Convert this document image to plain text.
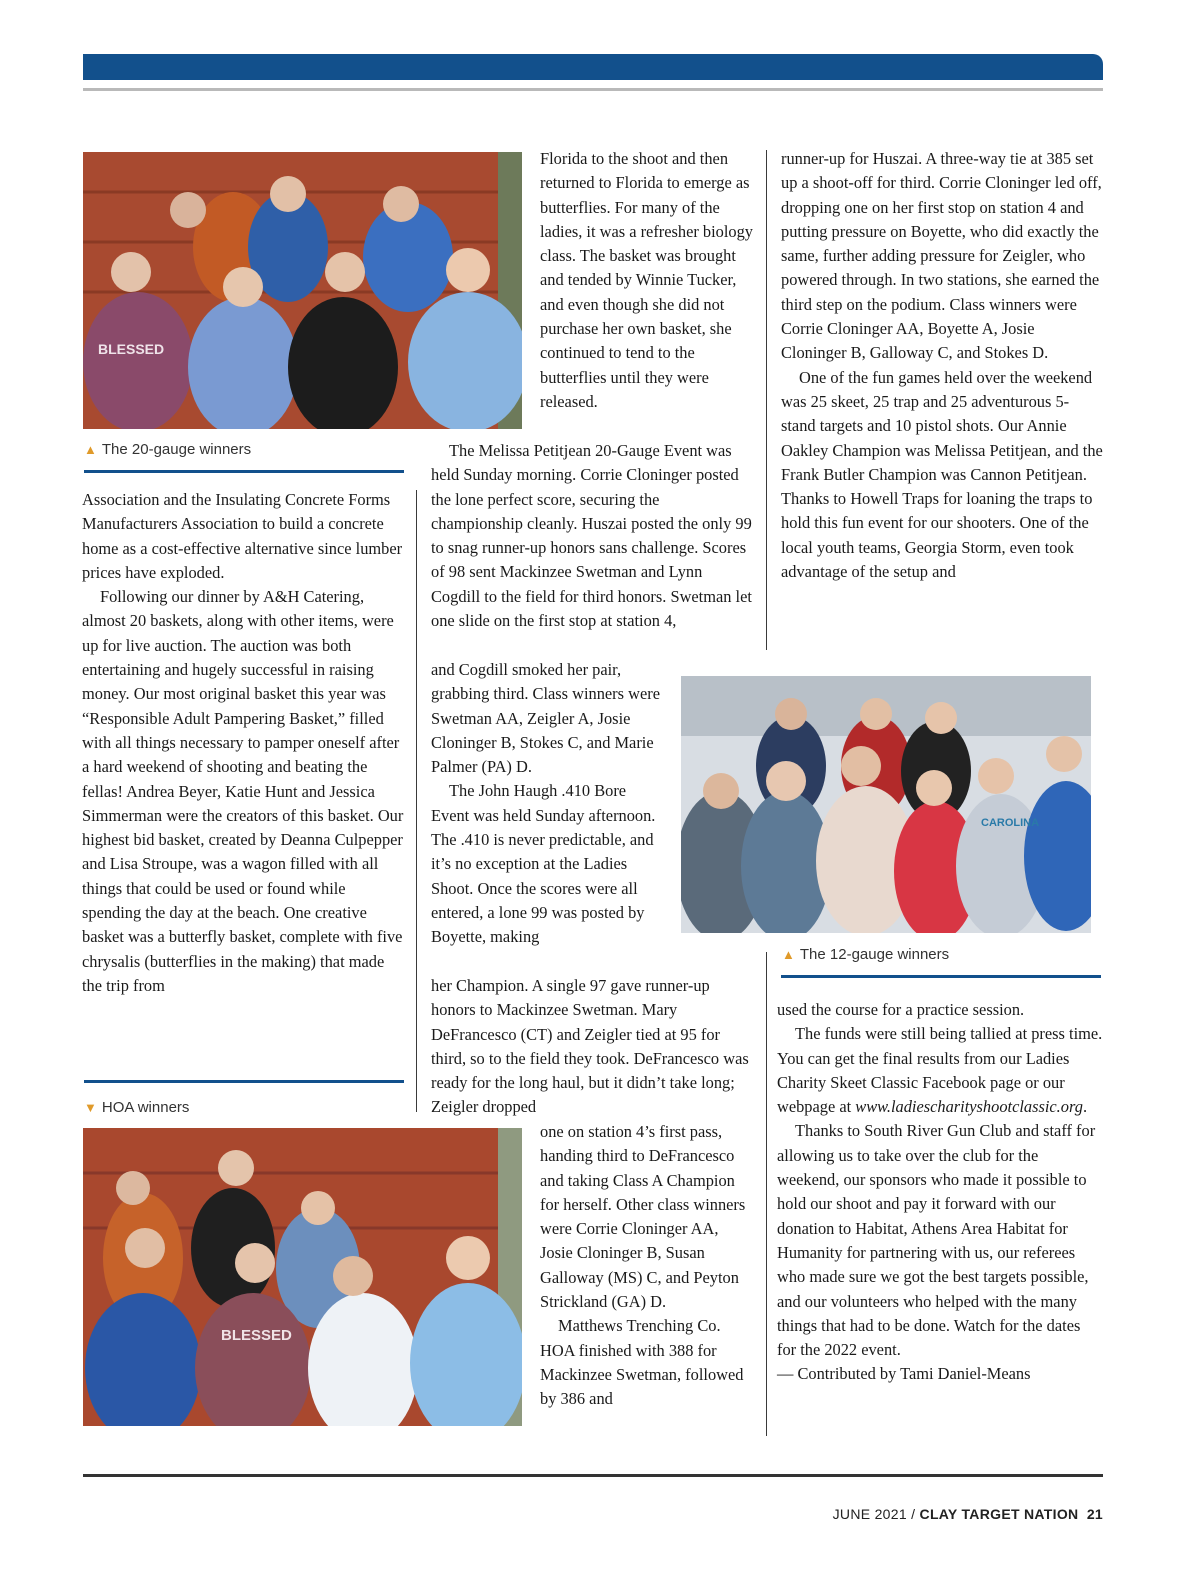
BLESSED
▲ The 20-gauge winners

Association and the Insulating Concrete Forms Manufacturers Association to build a concrete home as a cost-effective alternative since lumber prices have exploded.

Following our dinner by A&H Catering, almost 20 baskets, along with other items, were up for live auction. The auction was both entertaining and hugely successful in raising money. Our most original basket this year was “Responsible Adult Pampering Basket,” filled with all things necessary to pamper oneself after a hard weekend of shooting and beating the fellas! Andrea Beyer, Katie Hunt and Jessica Simmerman were the creators of this basket. Our highest bid basket, created by Deanna Culpepper and Lisa Stroupe, was a wagon filled with all things that could be used or found while spending the day at the beach. One creative basket was a butterfly basket, complete with five chrysalis (butterflies in the making) that made the trip from

▼ HOA winners
BLESSED

Florida to the shoot and then returned to Florida to emerge as butterflies. For many of the ladies, it was a refresher biology class. The basket was brought and tended by Winnie Tucker, and even though she did not purchase her own basket, she continued to tend to the butterflies until they were released.

The Melissa Petitjean 20-Gauge Event was held Sunday morning. Corrie Cloninger posted the lone perfect score, securing the championship cleanly. Huszai posted the only 99 to snag runner-up honors sans challenge. Scores of 98 sent Mackinzee Swetman and Lynn Cogdill to the field for third honors. Swetman let one slide on the first stop at station 4,

and Cogdill smoked her pair, grabbing third. Class winners were Swetman AA, Zeigler A, Josie Cloninger B, Stokes C, and Marie Palmer (PA) D.

The John Haugh .410 Bore Event was held Sunday afternoon. The .410 is never predictable, and it’s no exception at the Ladies Shoot. Once the scores were all entered, a lone 99 was posted by Boyette, making

her Champion. A single 97 gave runner-up honors to Mackinzee Swetman. Mary DeFrancesco (CT) and Zeigler tied at 95 for third, so to the field they took. DeFrancesco was ready for the long haul, but it didn’t take long; Zeigler dropped

one on station 4’s first pass, handing third to DeFrancesco and taking Class A Champion for herself. Other class winners were Corrie Cloninger AA, Josie Cloninger B, Susan Galloway (MS) C, and Peyton Strickland (GA) D.

Matthews Trenching Co. HOA finished with 388 for Mackinzee Swetman, followed by 386 and

runner-up for Huszai. A three-way tie at 385 set up a shoot-off for third. Corrie Cloninger led off, dropping one on her first stop on station 4 and putting pressure on Boyette, who did exactly the same, further adding pressure for Zeigler, who powered through. In two stations, she earned the third step on the podium. Class winners were Corrie Cloninger AA, Boyette A, Josie Cloninger B, Galloway C, and Stokes D.

One of the fun games held over the weekend was 25 skeet, 25 trap and 25 adventurous 5-stand targets and 10 pistol shots. Our Annie Oakley Champion was Melissa Petitjean, and the Frank Butler Champion was Cannon Petitjean. Thanks to Howell Traps for loaning the traps to hold this fun event for our shooters. One of the local youth teams, Georgia Storm, even took advantage of the setup and

CAROLINA
▲ The 12-gauge winners

used the course for a practice session.

The funds were still being tallied at press time. You can get the final results from our Ladies Charity Skeet Classic Facebook page or our webpage at www.ladiescharityshootclassic.org.

Thanks to South River Gun Club and staff for allowing us to take over the club for the weekend, our sponsors who made it possible to hold our shoot and pay it forward with our donation to Habitat, Athens Area Habitat for Humanity for partnering with us, our referees who made sure we got the best targets possible, and our volunteers who helped with the many things that had to be done. Watch for the dates for the 2022 event.

— Contributed by Tami Daniel-Means

JUNE 2021 / CLAY TARGET NATION 21
